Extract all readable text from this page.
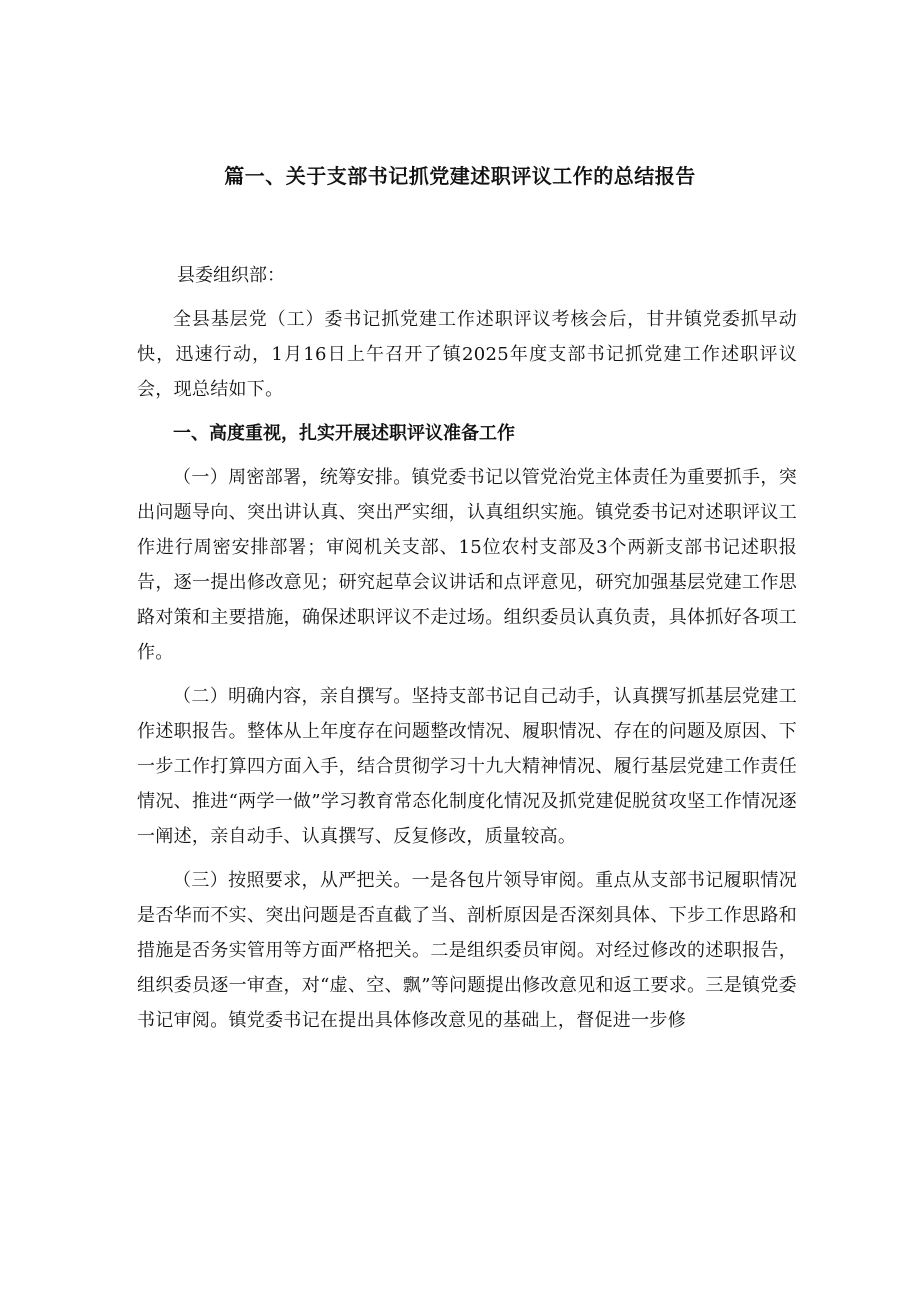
篇一、关于支部书记抓党建述职评议工作的总结报告

县委组织部：

全县基层党（工）委书记抓党建工作述职评议考核会后，甘井镇党委抓早动快，迅速行动，1月16日上午召开了镇2025年度支部书记抓党建工作述职评议会，现总结如下。

一、高度重视，扎实开展述职评议准备工作

（一）周密部署，统筹安排。镇党委书记以管党治党主体责任为重要抓手，突出问题导向、突出讲认真、突出严实细，认真组织实施。镇党委书记对述职评议工作进行周密安排部署；审阅机关支部、15位农村支部及3个两新支部书记述职报告，逐一提出修改意见；研究起草会议讲话和点评意见，研究加强基层党建工作思路对策和主要措施，确保述职评议不走过场。组织委员认真负责，具体抓好各项工作。

（二）明确内容，亲自撰写。坚持支部书记自己动手，认真撰写抓基层党建工作述职报告。整体从上年度存在问题整改情况、履职情况、存在的问题及原因、下一步工作打算四方面入手，结合贯彻学习十九大精神情况、履行基层党建工作责任情况、推进“两学一做”学习教育常态化制度化情况及抓党建促脱贫攻坚工作情况逐一阐述，亲自动手、认真撰写、反复修改，质量较高。

（三）按照要求，从严把关。一是各包片领导审阅。重点从支部书记履职情况是否华而不实、突出问题是否直截了当、剖析原因是否深刻具体、下步工作思路和措施是否务实管用等方面严格把关。二是组织委员审阅。对经过修改的述职报告，组织委员逐一审查，对“虚、空、飘”等问题提出修改意见和返工要求。三是镇党委书记审阅。镇党委书记在提出具体修改意见的基础上，督促进一步修
